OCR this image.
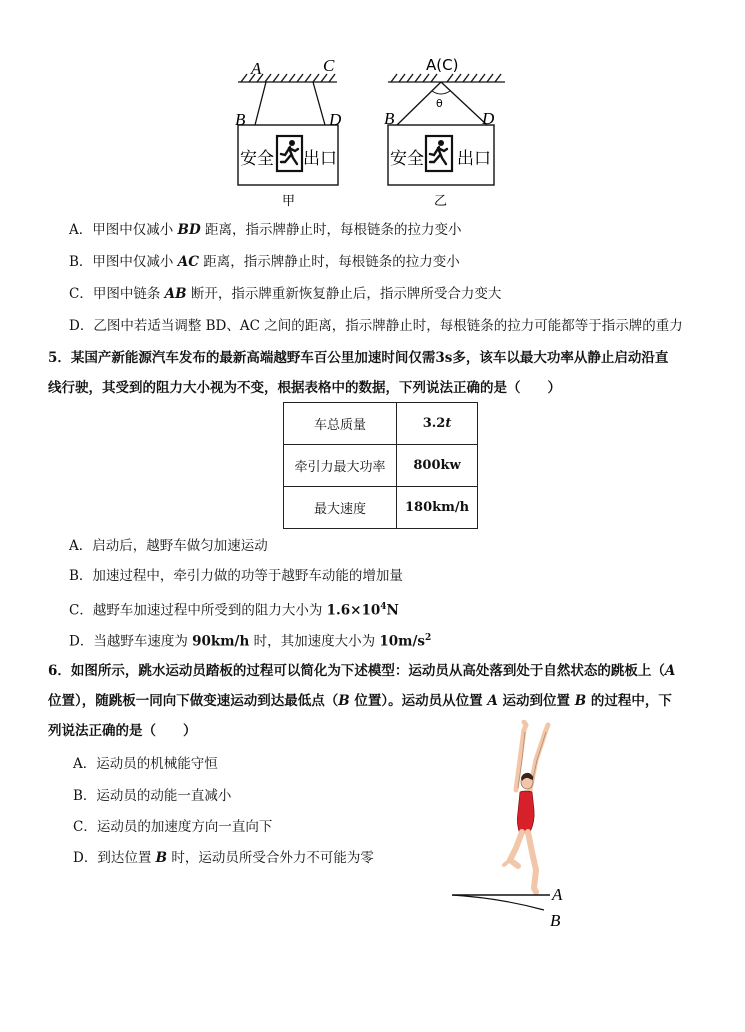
安全 出口
A	C
B	D
甲
安全 出口
A(C)
θ
B	D
乙
A．甲图中仅减小 BD 距离，指示牌静止时，每根链条的拉力变小
B．甲图中仅减小 AC 距离，指示牌静止时，每根链条的拉力变小
C．甲图中链条 AB 断开，指示牌重新恢复静止后，指示牌所受合力变大
D．乙图中若适当调整 BD、AC 之间的距离，指示牌静止时，每根链条的拉力可能都等于指示牌的重力
5．某国产新能源汽车发布的最新高端越野车百公里加速时间仅需3s多，该车以最大功率从静止启动沿直
线行驶，其受到的阻力大小视为不变，根据表格中的数据，下列说法正确的是（　　）
车总质量	3.2t
牵引力最大功率	800kw
最大速度	180km/h
A．启动后，越野车做匀加速运动
B．加速过程中，牵引力做的功等于越野车动能的增加量
C．越野车加速过程中所受到的阻力大小为 $1.6\times 10^4N$
D．当越野车速度为 90km/h 时，其加速度大小为 $10m/s^2$
6．如图所示，跳水运动员踏板的过程可以简化为下述模型：运动员从高处落到处于自然状态的跳板上（A
位置），随跳板一同向下做变速运动到达最低点（B 位置）。运动员从位置 A 运动到位置 B 的过程中，下
列说法正确的是（　　）
A．运动员的机械能守恒
B．运动员的动能一直减小
C．运动员的加速度方向一直向下
D．到达位置 B 时，运动员所受合外力不可能为零
A
B
